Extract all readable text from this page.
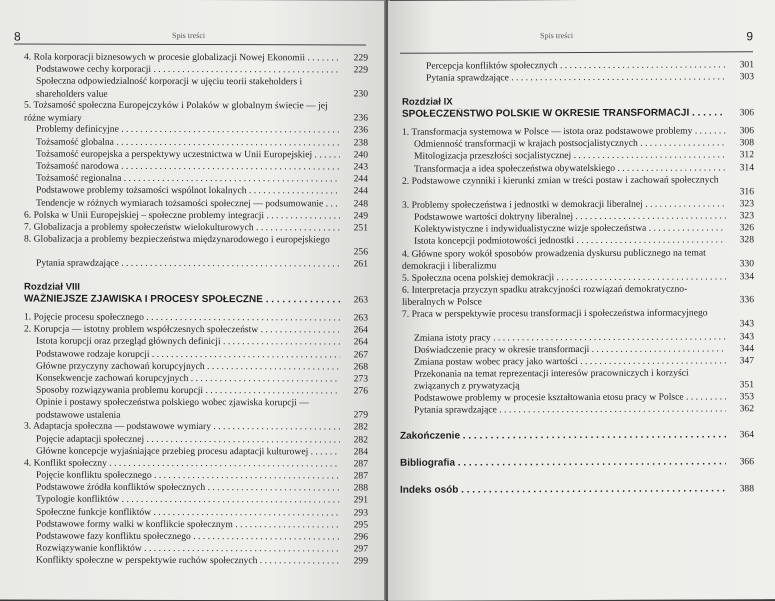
8	Spis treści
4. Rola korporacji biznesowych w procesie globalizacji Nowej Ekonomii . . .	229
Podstawowe cechy korporacji . . .	229
Społeczna odpowiedzialność korporacji w ujęciu teorii stakeholders i shareholders value	230
5. Tożsamość społeczna Europejczyków i Polaków w globalnym świecie — jej różne wymiary	236
Problemy definicyjne . . .	236
Tożsamość globalna . . .	238
Tożsamość europejska a perspektywy uczestnictwa w Unii Europejskiej . . .	240
Tożsamość narodowa . . .	243
Tożsamość regionalna . . .	244
Podstawowe problemy tożsamości wspólnot lokalnych . . .	244
Tendencje w różnych wymiarach tożsamości społecznej — podsumowanie . . .	248
6. Polska w Unii Europejskiej – społeczne problemy integracji . . .	249
7. Globalizacja a problemy społeczeństw wielokulturowych . . .	251
8. Globalizacja a problemy bezpieczeństwa międzynarodowego i europejskiego
256
Pytania sprawdzające . . .	261
Rozdział VIII
WAŻNIEJSZE ZJAWISKA I PROCESY SPOŁECZNE . . .	263
1. Pojęcie procesu społecznego . . .	263
2. Korupcja — istotny problem współczesnych społeczeństw . . .	264
Istota korupcji oraz przegląd głównych definicji . . .	264
Podstawowe rodzaje korupcji . . .	267
Główne przyczyny zachowań korupcyjnych . . .	268
Konsekwencje zachowań korupcyjnych . . .	273
Sposoby rozwiązywania problemu korupcji . . .	276
Opinie i postawy społeczeństwa polskiego wobec zjawiska korupcji — podstawowe ustalenia	279
3. Adaptacja społeczna — podstawowe wymiary . . .	282
Pojęcie adaptacji społecznej . . .	282
Główne koncepcje wyjaśniające przebieg procesu adaptacji kulturowej . . .	284
4. Konflikt społeczny . . .	287
Pojęcie konfliktu społecznego . . .	287
Podstawowe źródła konfliktów społecznych . . .	288
Typologie konfliktów . . .	291
Społeczne funkcje konfliktów . . .	293
Podstawowe formy walki w konflikcie społecznym . . .	295
Podstawowe fazy konfliktu społecznego . . .	296
Rozwiązywanie konfliktów . . .	297
Konflikty społeczne w perspektywie ruchów społecznych . . .	299
Spis treści	9
Percepcja konfliktów społecznych . . .	301
Pytania sprawdzające . . .	303
Rozdział IX
SPOŁECZEŃSTWO POLSKIE W OKRESIE TRANSFORMACJI . . .	306
1. Transformacja systemowa w Polsce — istota oraz podstawowe problemy . . .	306
Odmienność transformacji w krajach postsocjalistycznych . . .	308
Mitologizacja przeszłości socjalistycznej . . .	312
Transformacja a idea społeczeństwa obywatelskiego . . .	314
2. Podstawowe czynniki i kierunki zmian w treści postaw i zachowań społecznych
316
3. Problemy społeczeństwa i jednostki w demokracji liberalnej . . .	323
Podstawowe wartości doktryny liberalnej . . .	323
Kolektywistyczne i indywidualistyczne wizje społeczeństwa . . .	326
Istota koncepcji podmiotowości jednostki . . .	328
4. Główne spory wokół sposobów prowadzenia dyskursu publicznego na temat demokracji i liberalizmu	330
5. Społeczna ocena polskiej demokracji . . .	334
6. Interpretacja przyczyn spadku atrakcyjności rozwiązań demokratyczno-liberalnych w Polsce	336
7. Praca w perspektywie procesu transformacji i społeczeństwa informacyjnego
343
Zmiana istoty pracy . . .	343
Doświadczenie pracy w okresie transformacji . . .	344
Zmiana postaw wobec pracy jako wartości . . .	347
Przekonania na temat reprezentacji interesów pracowniczych i korzyści związanych z prywatyzacją	351
Podstawowe problemy w procesie kształtowania etosu pracy w Polsce . . .	353
Pytania sprawdzające . . .	362
Zakończenie . . .	364
Bibliografia . . .	366
Indeks osób . . .	388
